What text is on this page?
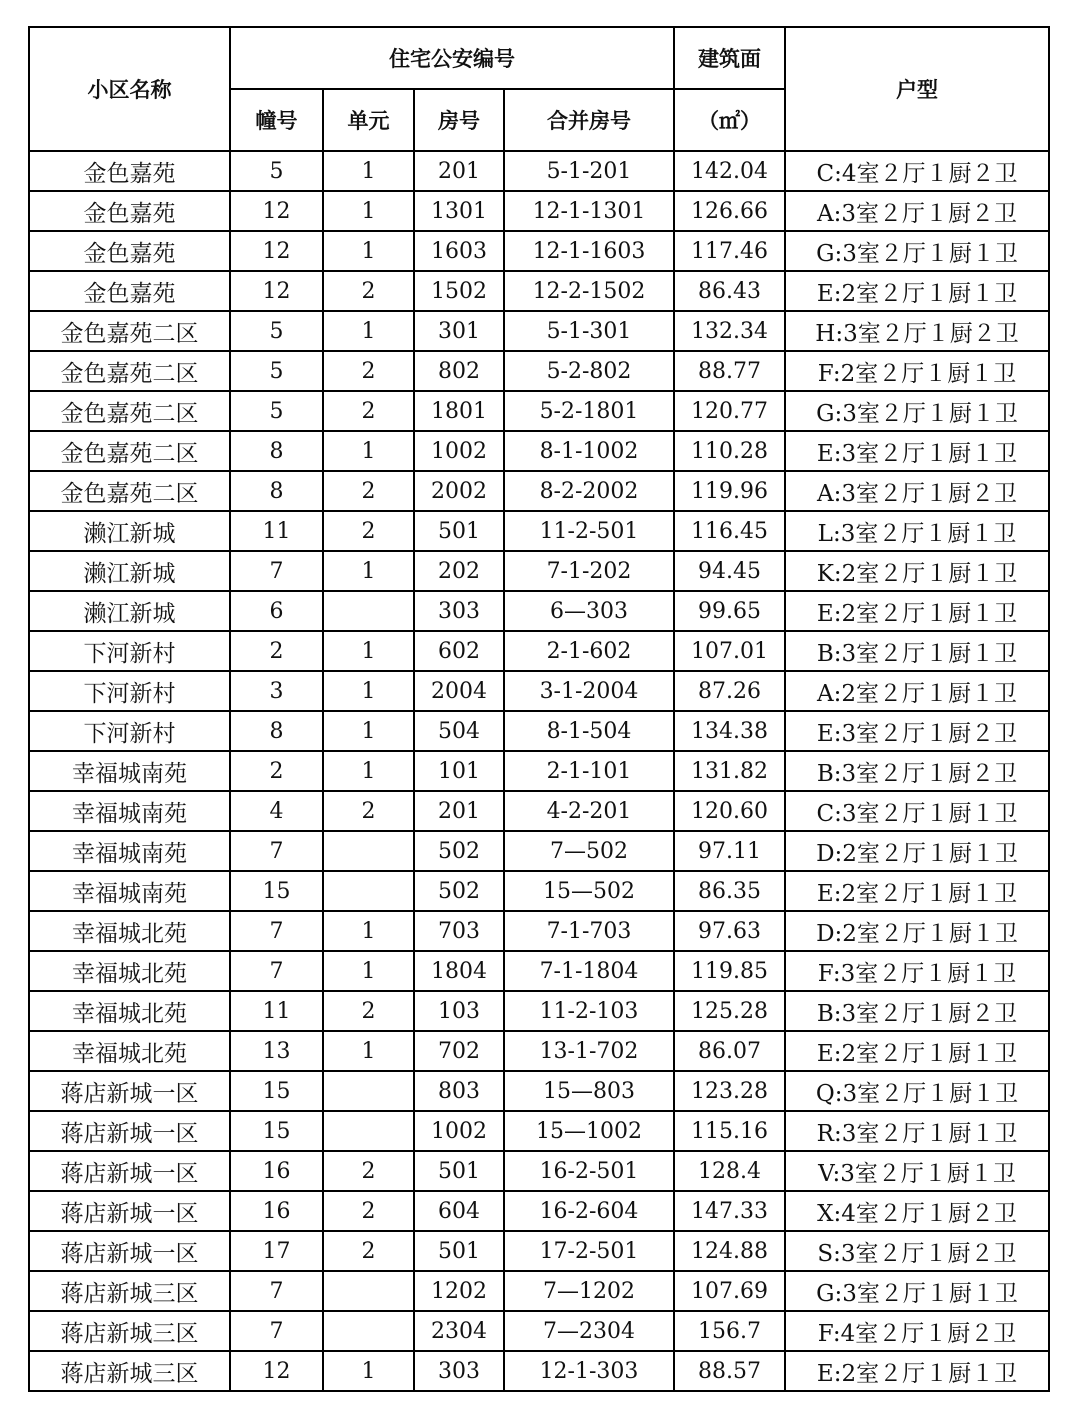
小区名称	住宅公安编号				建筑面	户型
	幢号	单元	房号	合并房号	（㎡）	
金色嘉苑	5	1	201	5-1-201	142.04	C:4室２厅１厨２卫
金色嘉苑	12	1	1301	12-1-1301	126.66	A:3室２厅１厨２卫
金色嘉苑	12	1	1603	12-1-1603	117.46	G:3室２厅１厨１卫
金色嘉苑	12	2	1502	12-2-1502	86.43	E:2室２厅１厨１卫
金色嘉苑二区	5	1	301	5-1-301	132.34	H:3室２厅１厨２卫
金色嘉苑二区	5	2	802	5-2-802	88.77	F:2室２厅１厨１卫
金色嘉苑二区	5	2	1801	5-2-1801	120.77	G:3室２厅１厨１卫
金色嘉苑二区	8	1	1002	8-1-1002	110.28	E:3室２厅１厨１卫
金色嘉苑二区	8	2	2002	8-2-2002	119.96	A:3室２厅１厨２卫
濑江新城	11	2	501	11-2-501	116.45	L:3室２厅１厨１卫
濑江新城	7	1	202	7-1-202	94.45	K:2室２厅１厨１卫
濑江新城	6		303	6—303	99.65	E:2室２厅１厨１卫
下河新村	2	1	602	2-1-602	107.01	B:3室２厅１厨１卫
下河新村	3	1	2004	3-1-2004	87.26	A:2室２厅１厨１卫
下河新村	8	1	504	8-1-504	134.38	E:3室２厅１厨２卫
幸福城南苑	2	1	101	2-1-101	131.82	B:3室２厅１厨２卫
幸福城南苑	4	2	201	4-2-201	120.60	C:3室２厅１厨１卫
幸福城南苑	7		502	7—502	97.11	D:2室２厅１厨１卫
幸福城南苑	15		502	15—502	86.35	E:2室２厅１厨１卫
幸福城北苑	7	1	703	7-1-703	97.63	D:2室２厅１厨１卫
幸福城北苑	7	1	1804	7-1-1804	119.85	F:3室２厅１厨１卫
幸福城北苑	11	2	103	11-2-103	125.28	B:3室２厅１厨２卫
幸福城北苑	13	1	702	13-1-702	86.07	E:2室２厅１厨１卫
蒋店新城一区	15		803	15—803	123.28	Q:3室２厅１厨１卫
蒋店新城一区	15		1002	15—1002	115.16	R:3室２厅１厨１卫
蒋店新城一区	16	2	501	16-2-501	128.4	V:3室２厅１厨１卫
蒋店新城一区	16	2	604	16-2-604	147.33	X:4室２厅１厨２卫
蒋店新城一区	17	2	501	17-2-501	124.88	S:3室２厅１厨２卫
蒋店新城三区	7		1202	7—1202	107.69	G:3室２厅１厨１卫
蒋店新城三区	7		2304	7—2304	156.7	F:4室２厅１厨２卫
蒋店新城三区	12	1	303	12-1-303	88.57	E:2室２厅１厨１卫
